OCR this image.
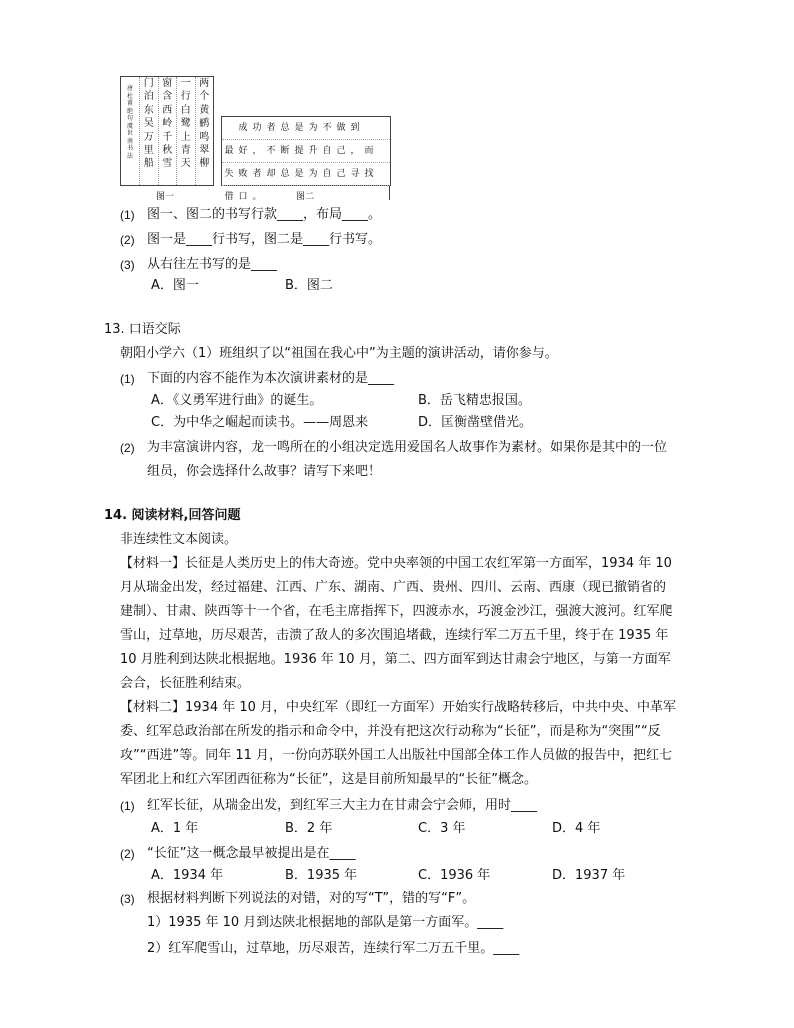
唐
杜
甫
绝
句
虞
世
南
书
法
门
泊
东
吴
万
里
船
窗
含
西
岭
千
秋
雪
一
行
白
鹭
上
青
天
两
个
黄
鹂
鸣
翠
柳
图一
成 功 者 总 是 为 不 做 到
最 好 ， 不 断 提 升 自 己 ， 而
失 败 者 却 总 是 为 自 己 寻 找
借 口 。	图二
(1) 图一、图二的书写行款____，布局____。
(2) 图一是____行书写，图二是____行书写。
(3) 从右往左书写的是____
A．图一	B．图二
13. 口语交际
朝阳小学六（1）班组织了以“祖国在我心中”为主题的演讲活动，请你参与。
(1) 下面的内容不能作为本次演讲素材的是____
A．《义勇军进行曲》的诞生。	B．岳飞精忠报国。
C．为中华之崛起而读书。——周恩来	D．匡衡凿壁借光。
(2) 为丰富演讲内容，龙一鸣所在的小组决定选用爱国名人故事作为素材。如果你是其中的一位
组员，你会选择什么故事？请写下来吧！
14. 阅读材料,回答问题
非连续性文本阅读。
【材料一】长征是人类历史上的伟大奇迹。党中央率领的中国工农红军第一方面军，1934 年 10
月从瑞金出发，经过福建、江西、广东、湖南、广西、贵州、四川、云南、西康（现已撤销省的
建制）、甘肃、陕西等十一个省，在毛主席指挥下，四渡赤水，巧渡金沙江，强渡大渡河。红军爬
雪山，过草地，历尽艰苦，击溃了敌人的多次围追堵截，连续行军二万五千里，终于在 1935 年
10 月胜利到达陕北根据地。1936 年 10 月，第二、四方面军到达甘肃会宁地区，与第一方面军
会合，长征胜利结束。
【材料二】1934 年 10 月，中央红军（即红一方面军）开始实行战略转移后，中共中央、中革军
委、红军总政治部在所发的指示和命令中，并没有把这次行动称为“长征”，而是称为“突围”“反
攻”“西进”等。同年 11 月，一份向苏联外国工人出版社中国部全体工作人员做的报告中，把红七
军团北上和红六军团西征称为“长征”，这是目前所知最早的“长征”概念。
(1) 红军长征，从瑞金出发，到红军三大主力在甘肃会宁会师，用时____
A．1 年	B．2 年	C．3 年	D．4 年
(2) “长征”这一概念最早被提出是在____
A．1934 年	B．1935 年	C．1936 年	D．1937 年
(3) 根据材料判断下列说法的对错，对的写“T”，错的写“F”。
1）1935 年 10 月到达陕北根据地的部队是第一方面军。____
2）红军爬雪山，过草地，历尽艰苦，连续行军二万五千里。____
